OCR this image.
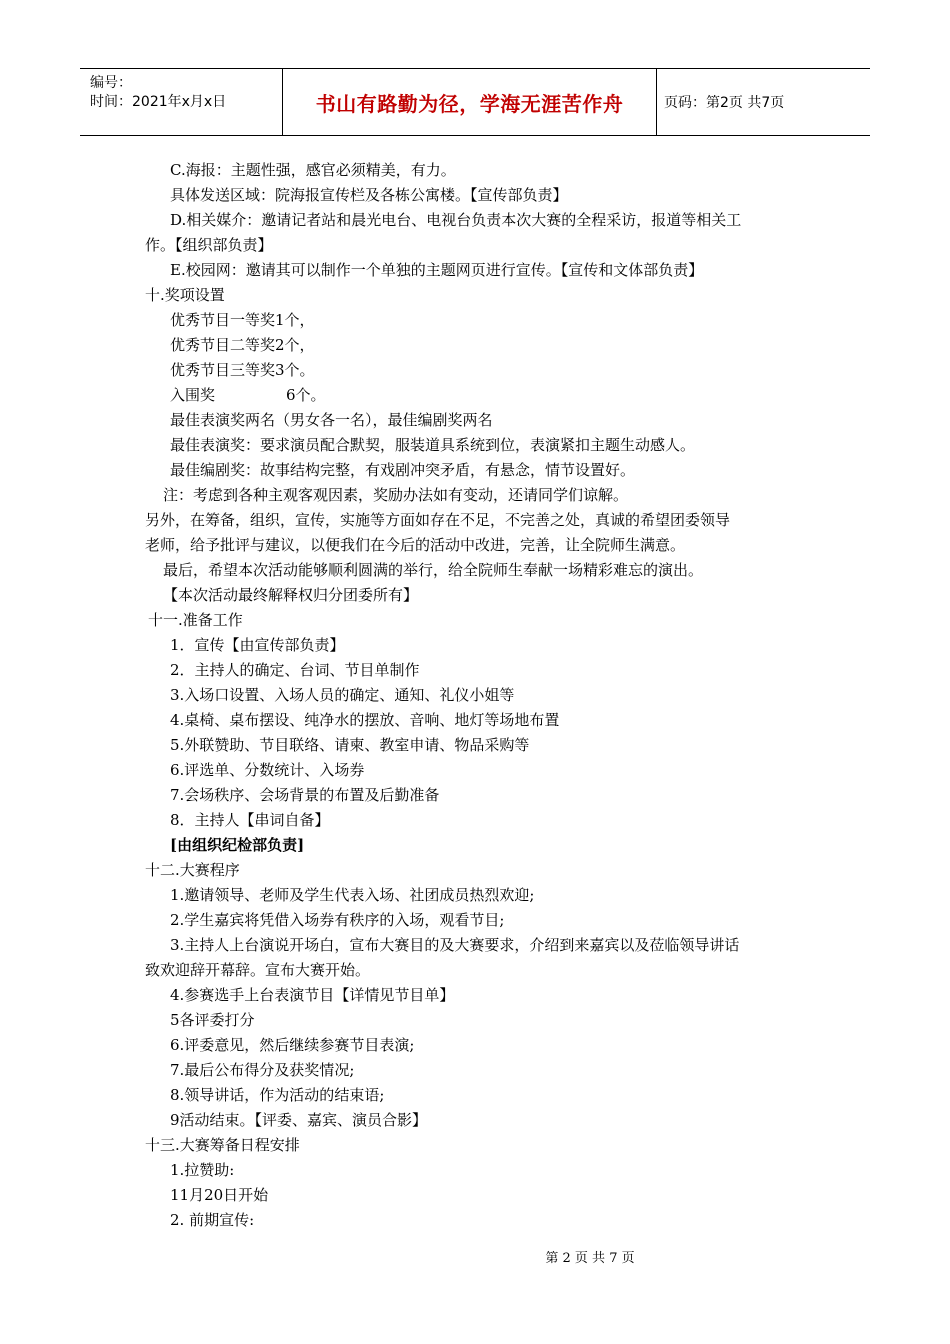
编号：
时间：2021年x月x日	书山有路勤为径，学海无涯苦作舟	页码：第2页 共7页
C.海报：主题性强，感官必须精美，有力。
具体发送区域：院海报宣传栏及各栋公寓楼。【宣传部负责】
D.相关媒介：邀请记者站和晨光电台、电视台负责本次大赛的全程采访，报道等相关工
作。【组织部负责】
E.校园网：邀请其可以制作一个单独的主题网页进行宣传。【宣传和文体部负责】
十.奖项设置
优秀节目一等奖1个，
优秀节目二等奖2个，
优秀节目三等奖3个。
入围奖	6个。
最佳表演奖两名（男女各一名），最佳编剧奖两名
最佳表演奖：要求演员配合默契，服装道具系统到位，表演紧扣主题生动感人。
最佳编剧奖：故事结构完整，有戏剧冲突矛盾，有悬念，情节设置好。
注：考虑到各种主观客观因素，奖励办法如有变动，还请同学们谅解。
另外，在筹备，组织，宣传，实施等方面如存在不足，不完善之处，真诚的希望团委领导
老师，给予批评与建议，以便我们在今后的活动中改进，完善，让全院师生满意。
最后，希望本次活动能够顺利圆满的举行，给全院师生奉献一场精彩难忘的演出。
【本次活动最终解释权归分团委所有】
十一.准备工作
1．宣传【由宣传部负责】
2．主持人的确定、台词、节目单制作
3.入场口设置、入场人员的确定、通知、礼仪小姐等
4.桌椅、桌布摆设、纯净水的摆放、音响、地灯等场地布置
5.外联赞助、节目联络、请柬、教室申请、物品采购等
6.评选单、分数统计、入场券
7.会场秩序、会场背景的布置及后勤准备
8．主持人【串词自备】
[由组织纪检部负责]
十二.大赛程序
1.邀请领导、老师及学生代表入场、社团成员热烈欢迎;
2.学生嘉宾将凭借入场券有秩序的入场，观看节目;
3.主持人上台演说开场白，宣布大赛目的及大赛要求，介绍到来嘉宾以及莅临领导讲话
致欢迎辞开幕辞。宣布大赛开始。
4.参赛选手上台表演节目【详情见节目单】
5各评委打分
6.评委意见，然后继续参赛节目表演;
7.最后公布得分及获奖情况;
8.领导讲话，作为活动的结束语;
9活动结束。【评委、嘉宾、演员合影】
十三.大赛筹备日程安排
1.拉赞助:
11月20日开始
2. 前期宣传:
第 2 页 共 7 页
